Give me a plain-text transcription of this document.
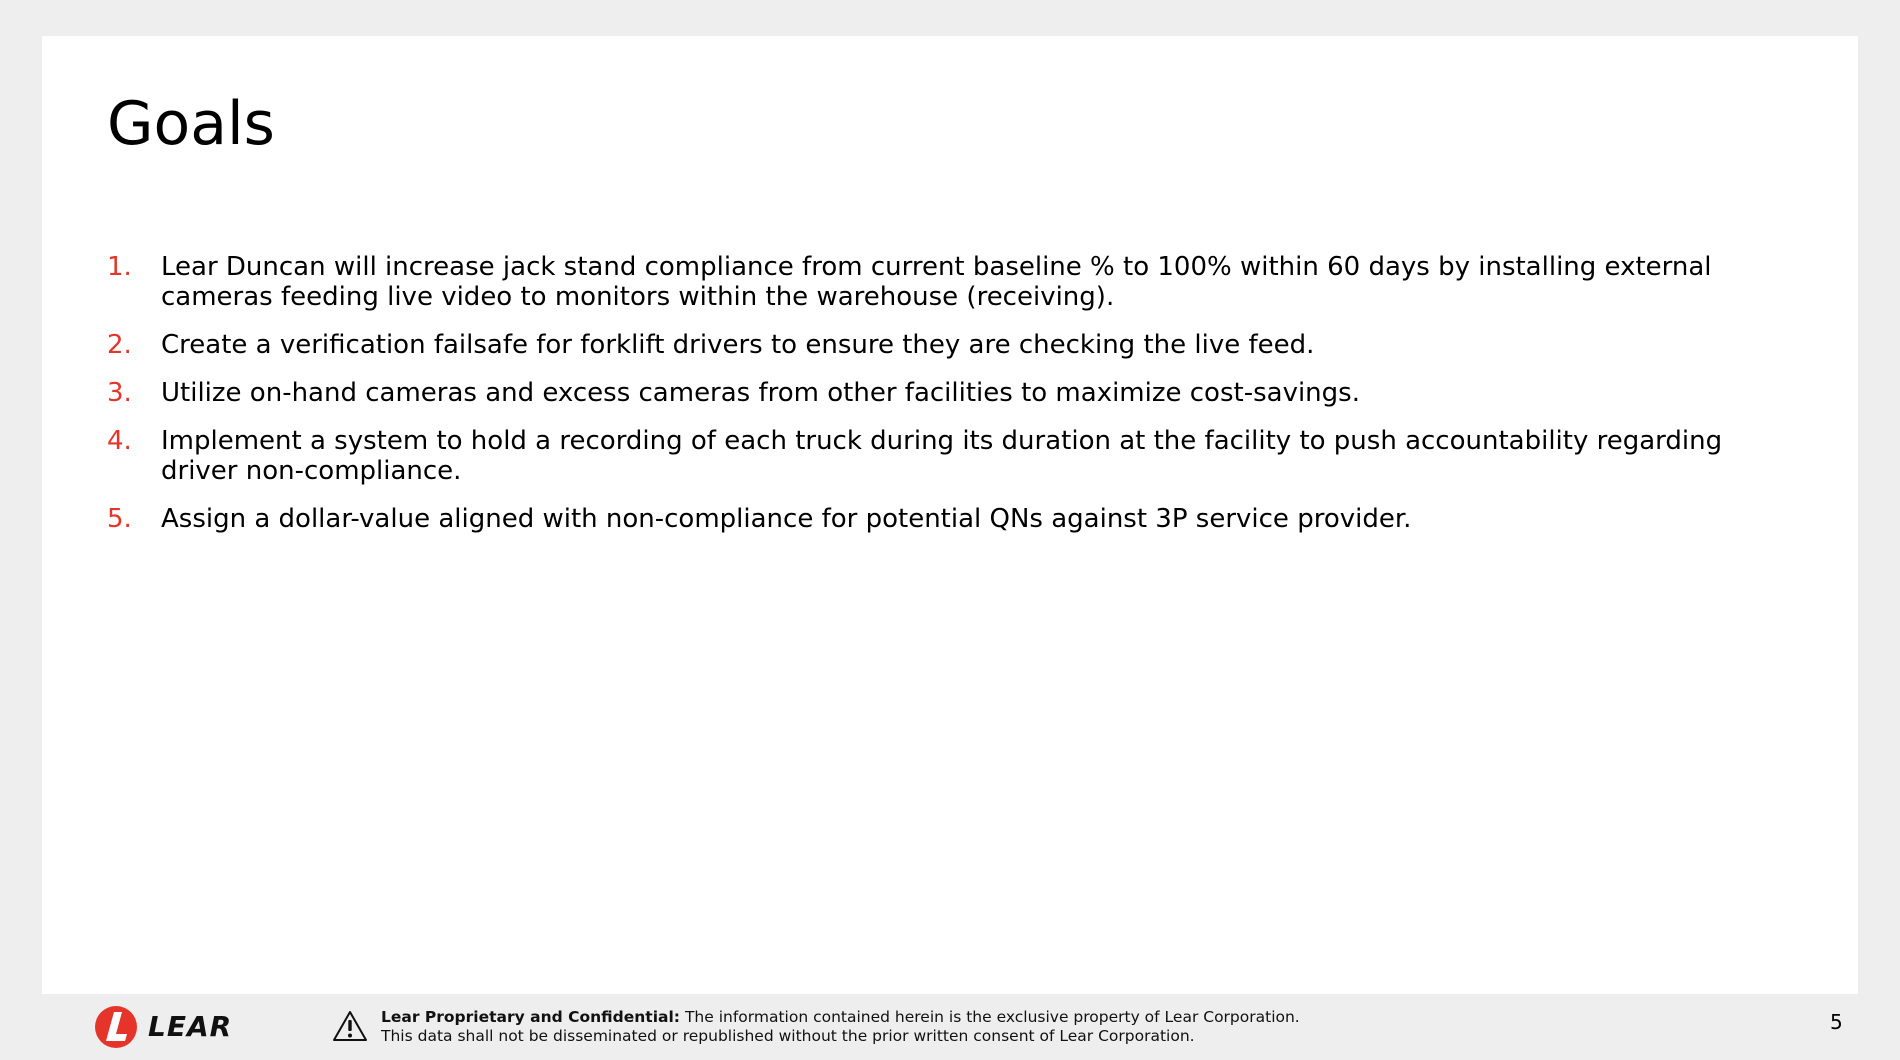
Goals
1.	Lear Duncan will increase jack stand compliance from current baseline % to 100% within 60 days by installing external cameras feeding live video to monitors within the warehouse (receiving).
2.	Create a verification failsafe for forklift drivers to ensure they are checking the live feed.
3.	Utilize on-hand cameras and excess cameras from other facilities to maximize cost-savings.
4.	Implement a system to hold a recording of each truck during its duration at the facility to push accountability regarding driver non-compliance.
5.	Assign a dollar-value aligned with non-compliance for potential QNs against 3P service provider.
LEAR	Lear Proprietary and Confidential: The information contained herein is the exclusive property of Lear Corporation.
This data shall not be disseminated or republished without the prior written consent of Lear Corporation.
5
